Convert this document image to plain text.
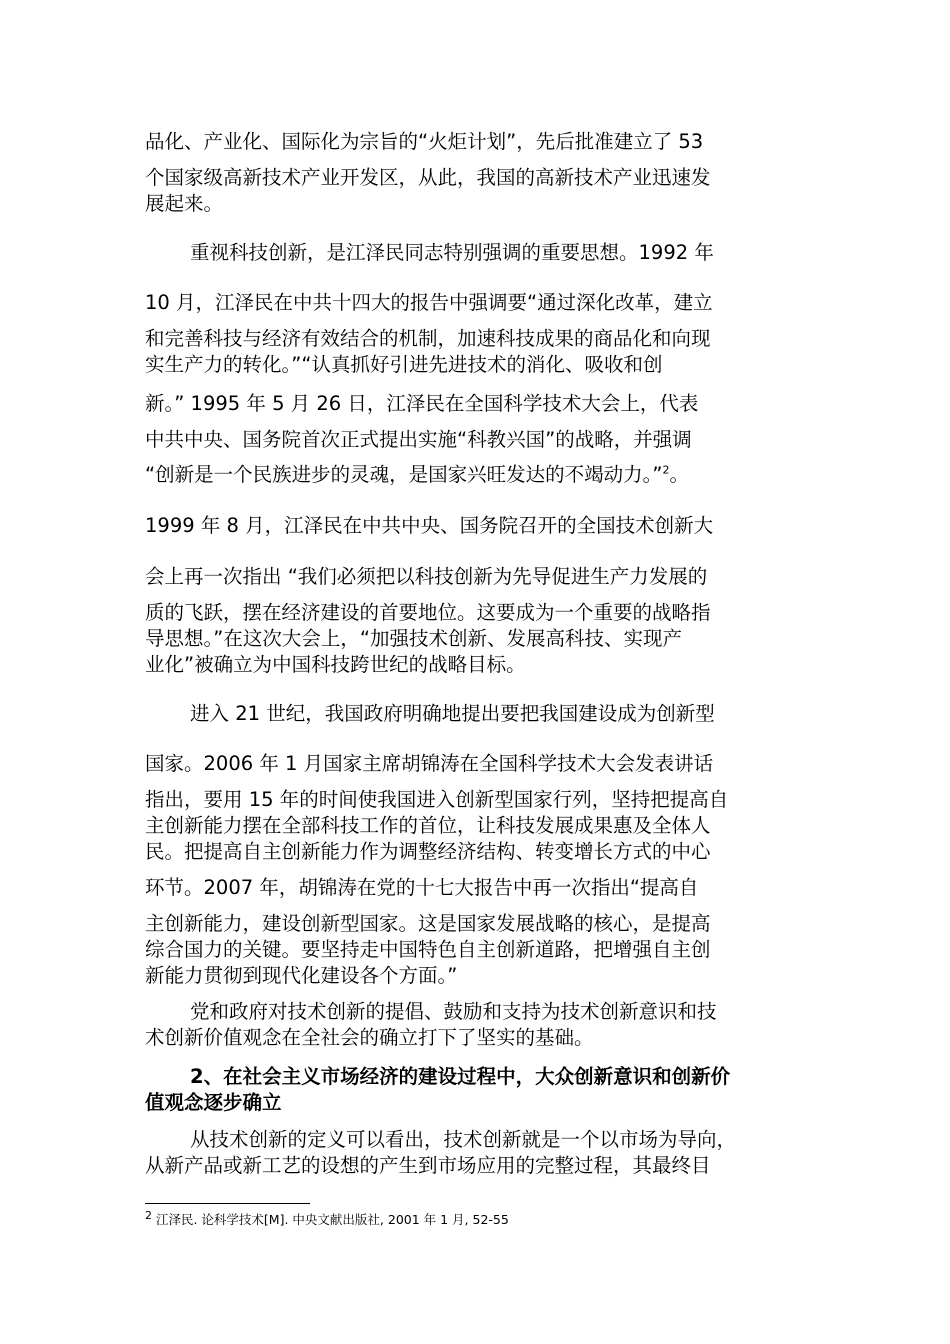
品化、产业化、国际化为宗旨的“火炬计划”，先后批准建立了 53
个国家级高新技术产业开发区，从此，我国的高新技术产业迅速发
展起来。
重视科技创新，是江泽民同志特别强调的重要思想。1992 年
10 月，江泽民在中共十四大的报告中强调要“通过深化改革，建立
和完善科技与经济有效结合的机制，加速科技成果的商品化和向现
实生产力的转化。”“认真抓好引进先进技术的消化、吸收和创
新。” 1995 年 5 月 26 日，江泽民在全国科学技术大会上，代表
中共中央、国务院首次正式提出实施“科教兴国”的战略，并强调
“创新是一个民族进步的灵魂，是国家兴旺发达的不竭动力。”$^2$。
1999 年 8 月，江泽民在中共中央、国务院召开的全国技术创新大
会上再一次指出 “我们必须把以科技创新为先导促进生产力发展的
质的飞跃，摆在经济建设的首要地位。这要成为一个重要的战略指
导思想。”在这次大会上，“加强技术创新、发展高科技、实现产
业化”被确立为中国科技跨世纪的战略目标。
进入 21 世纪，我国政府明确地提出要把我国建设成为创新型
国家。2006 年 1 月国家主席胡锦涛在全国科学技术大会发表讲话
指出，要用 15 年的时间使我国进入创新型国家行列，坚持把提高自
主创新能力摆在全部科技工作的首位，让科技发展成果惠及全体人
民。把提高自主创新能力作为调整经济结构、转变增长方式的中心
环节。2007 年，胡锦涛在党的十七大报告中再一次指出“提高自
主创新能力，建设创新型国家。这是国家发展战略的核心，是提高
综合国力的关键。要坚持走中国特色自主创新道路，把增强自主创
新能力贯彻到现代化建设各个方面。”
党和政府对技术创新的提倡、鼓励和支持为技术创新意识和技
术创新价值观念在全社会的确立打下了坚实的基础。
2、在社会主义市场经济的建设过程中，大众创新意识和创新价
值观念逐步确立
从技术创新的定义可以看出，技术创新就是一个以市场为导向，
从新产品或新工艺的设想的产生到市场应用的完整过程，其最终目
$^2$ 江泽民. 论科学技术[M]. 中央文献出版社, 2001 年 1 月, 52-55
